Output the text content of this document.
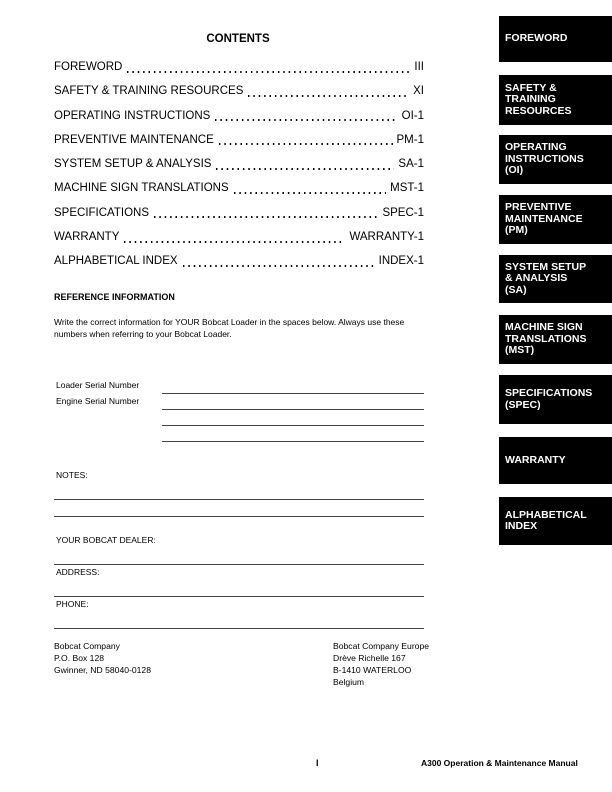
CONTENTS
FOREWORD	III
SAFETY & TRAINING RESOURCES	XI
OPERATING INSTRUCTIONS	OI-1
PREVENTIVE MAINTENANCE	PM-1
SYSTEM SETUP & ANALYSIS	SA-1
MACHINE SIGN TRANSLATIONS	MST-1
SPECIFICATIONS	SPEC-1
WARRANTY	WARRANTY-1
ALPHABETICAL INDEX	INDEX-1
REFERENCE INFORMATION
Write the correct information for YOUR Bobcat Loader in the spaces below. Always use these numbers when referring to your Bobcat Loader.
Loader Serial Number
Engine Serial Number
NOTES:
YOUR BOBCAT DEALER:
ADDRESS:
PHONE:
Bobcat Company
P.O. Box 128
Gwinner, ND 58040-0128
Bobcat Company Europe
Drève Richelle 167
B-1410 WATERLOO
Belgium
FOREWORD
SAFETY &
TRAINING
RESOURCES
OPERATING
INSTRUCTIONS
(OI)
PREVENTIVE
MAINTENANCE
(PM)
SYSTEM SETUP
& ANALYSIS
(SA)
MACHINE SIGN
TRANSLATIONS
(MST)
SPECIFICATIONS
(SPEC)
WARRANTY
ALPHABETICAL
INDEX
I	A300 Operation & Maintenance Manual
